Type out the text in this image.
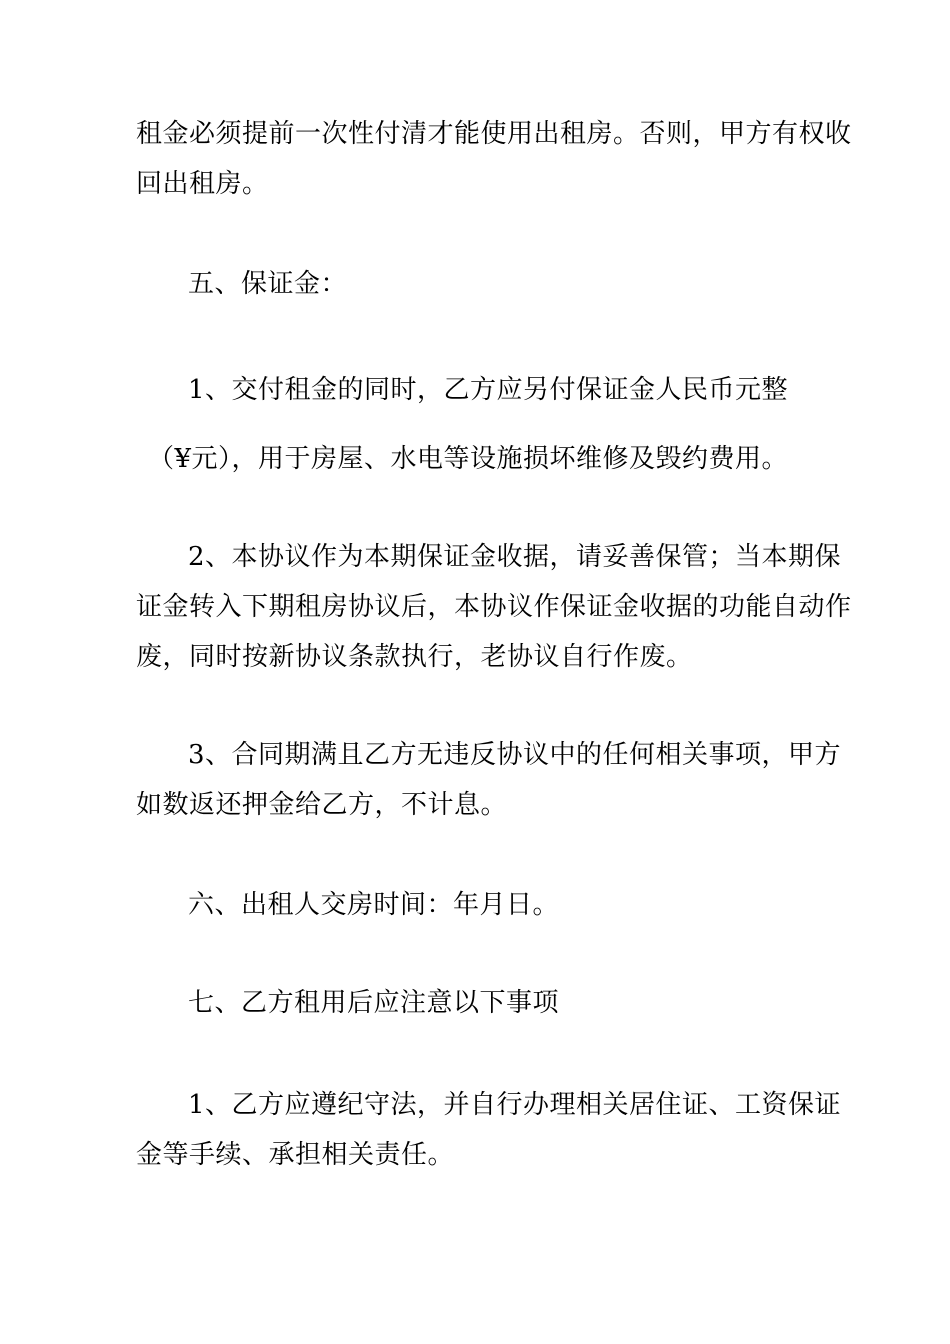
租金必须提前一次性付清才能使用出租房。否则，甲方有权收
回出租房。
五、保证金：
1、交付租金的同时，乙方应另付保证金人民币元整
（¥元），用于房屋、水电等设施损坏维修及毁约费用。
2、本协议作为本期保证金收据，请妥善保管；当本期保
证金转入下期租房协议后，本协议作保证金收据的功能自动作
废，同时按新协议条款执行，老协议自行作废。
3、合同期满且乙方无违反协议中的任何相关事项，甲方
如数返还押金给乙方，不计息。
六、出租人交房时间：年月日。
七、乙方租用后应注意以下事项
1、乙方应遵纪守法，并自行办理相关居住证、工资保证
金等手续、承担相关责任。
